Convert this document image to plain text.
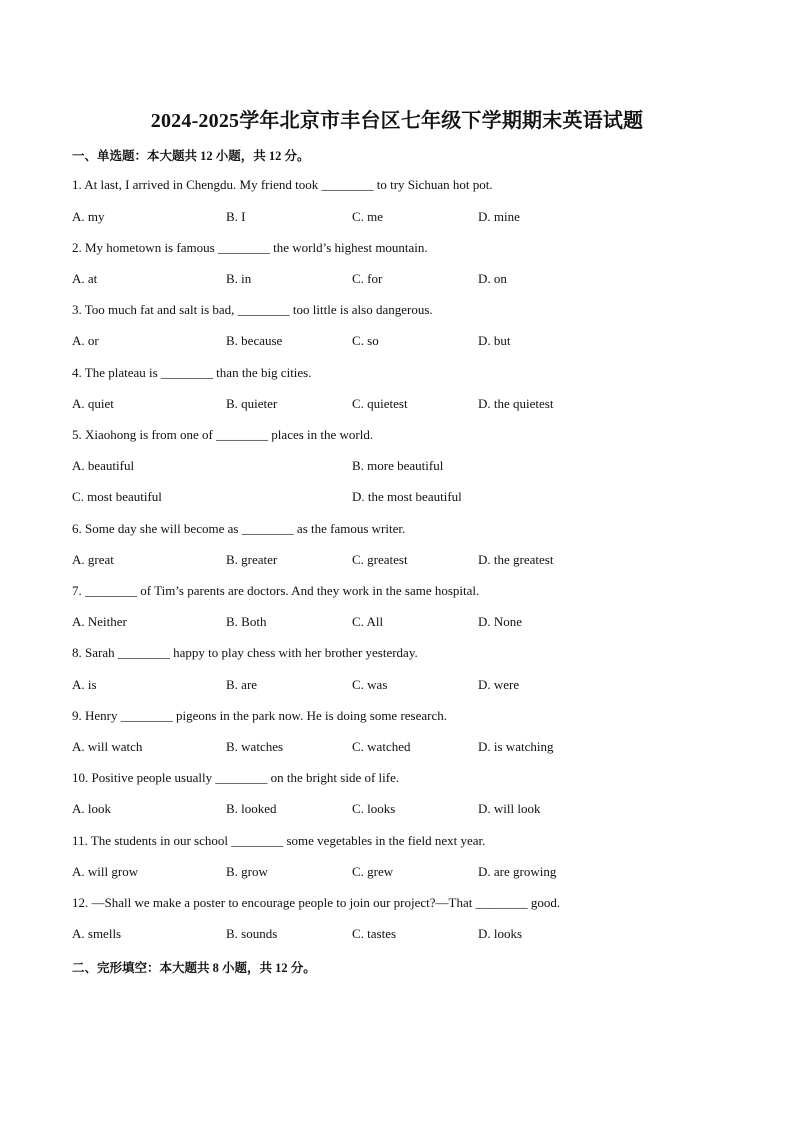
2024-2025学年北京市丰台区七年级下学期期末英语试题
一、单选题：本大题共 12 小题，共 12 分。
1. At last, I arrived in Chengdu. My friend took ________ to try Sichuan hot pot.
A. my	B. I	C. me	D. mine
2. My hometown is famous ________ the world’s highest mountain.
A. at	B. in	C. for	D. on
3. Too much fat and salt is bad, ________ too little is also dangerous.
A. or	B. because	C. so	D. but
4. The plateau is ________ than the big cities.
A. quiet	B. quieter	C. quietest	D. the quietest
5. Xiaohong is from one of ________ places in the world.
A. beautiful	B. more beautiful
C. most beautiful	D. the most beautiful
6. Some day she will become as ________ as the famous writer.
A. great	B. greater	C. greatest	D. the greatest
7. ________ of Tim’s parents are doctors. And they work in the same hospital.
A. Neither	B. Both	C. All	D. None
8. Sarah ________ happy to play chess with her brother yesterday.
A. is	B. are	C. was	D. were
9. Henry ________ pigeons in the park now. He is doing some research.
A. will watch	B. watches	C. watched	D. is watching
10. Positive people usually ________ on the bright side of life.
A. look	B. looked	C. looks	D. will look
11. The students in our school ________ some vegetables in the field next year.
A. will grow	B. grow	C. grew	D. are growing
12. —Shall we make a poster to encourage people to join our project?—That ________ good.
A. smells	B. sounds	C. tastes	D. looks
二、完形填空：本大题共 8 小题，共 12 分。
